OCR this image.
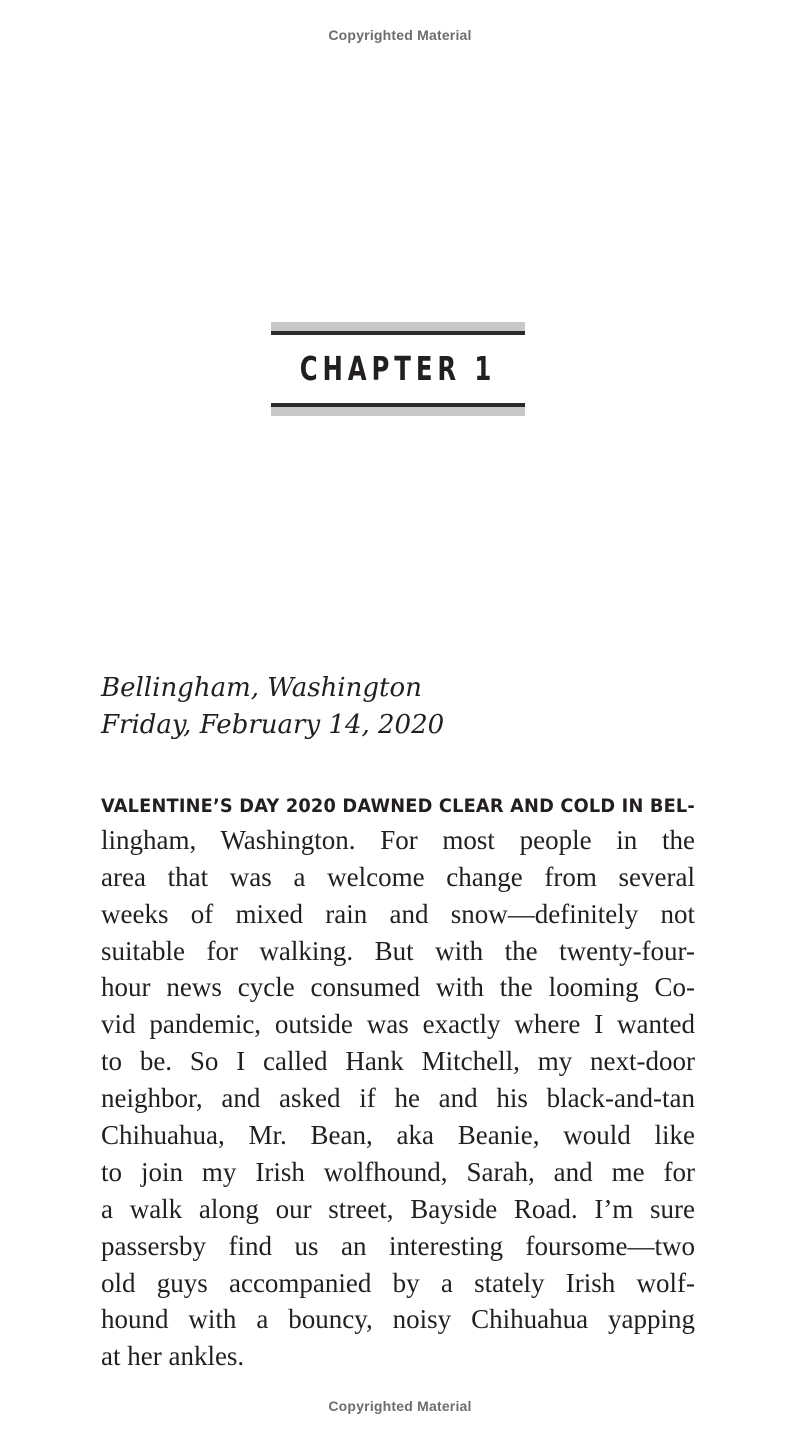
Copyrighted Material
CHAPTER 1
Bellingham, Washington
Friday, February 14, 2020
VALENTINE’S DAY 2020 DAWNED CLEAR AND COLD IN BEL-
lingham, Washington. For most people in the
area that was a welcome change from several
weeks of mixed rain and snow—definitely not
suitable for walking. But with the twenty-four-
hour news cycle consumed with the looming Co-
vid pandemic, outside was exactly where I wanted
to be. So I called Hank Mitchell, my next-door
neighbor, and asked if he and his black-and-tan
Chihuahua, Mr. Bean, aka Beanie, would like
to join my Irish wolfhound, Sarah, and me for
a walk along our street, Bayside Road. I’m sure
passersby find us an interesting foursome—two
old guys accompanied by a stately Irish wolf-
hound with a bouncy, noisy Chihuahua yapping
at her ankles.
Copyrighted Material
